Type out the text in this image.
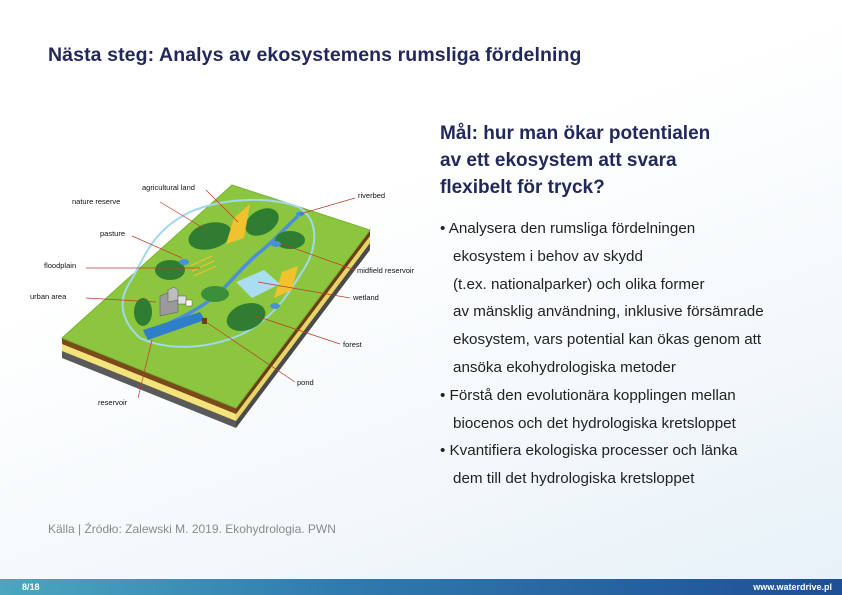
Nästa steg: Analys av ekosystemens rumsliga fördelning
Mål: hur man ökar potentialen
av ett ekosystem att svara
flexibelt för tryck?
• Analysera den rumsliga fördelningen
ekosystem i behov av skydd
(t.ex. nationalparker) och olika former
av mänsklig användning, inklusive försämrade
ekosystem, vars potential kan ökas genom att
ansöka ekohydrologiska metoder
• Förstå den evolutionära kopplingen mellan
biocenos och det hydrologiska kretsloppet
• Kvantifiera ekologiska processer och länka
dem till det hydrologiska kretsloppet
agricultural land
nature reserve
pasture
floodplain
urban area
reservoir
riverbed
midfield reservoir
wetland
forest
pond
Källa | Źródło: Zalewski M. 2019. Ekohydrologia. PWN
8/18	www.waterdrive.pl
